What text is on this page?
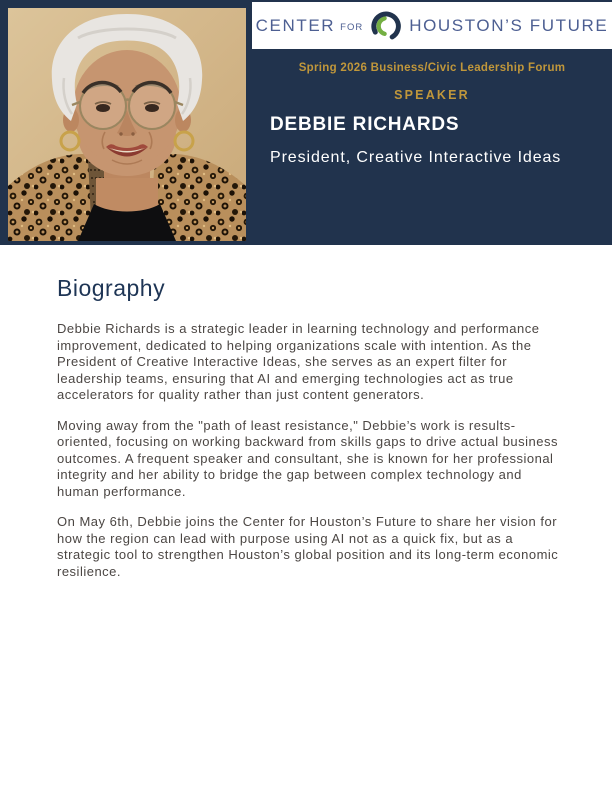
CENTER FOR	HOUSTON’S FUTURE
Spring 2026 Business/Civic Leadership Forum
SPEAKER
DEBBIE RICHARDS
President, Creative Interactive Ideas
Biography

Debbie Richards is a strategic leader in learning technology and performance improvement, dedicated to helping organizations scale with intention. As the President of Creative Interactive Ideas, she serves as an expert filter for leadership teams, ensuring that AI and emerging technologies act as true accelerators for quality rather than just content generators.

Moving away from the "path of least resistance," Debbie’s work is results-oriented, focusing on working backward from skills gaps to drive actual business outcomes. A frequent speaker and consultant, she is known for her professional integrity and her ability to bridge the gap between complex technology and human performance.

On May 6th, Debbie joins the Center for Houston’s Future to share her vision for how the region can lead with purpose using AI not as a quick fix, but as a strategic tool to strengthen Houston’s global position and its long-term economic resilience.
